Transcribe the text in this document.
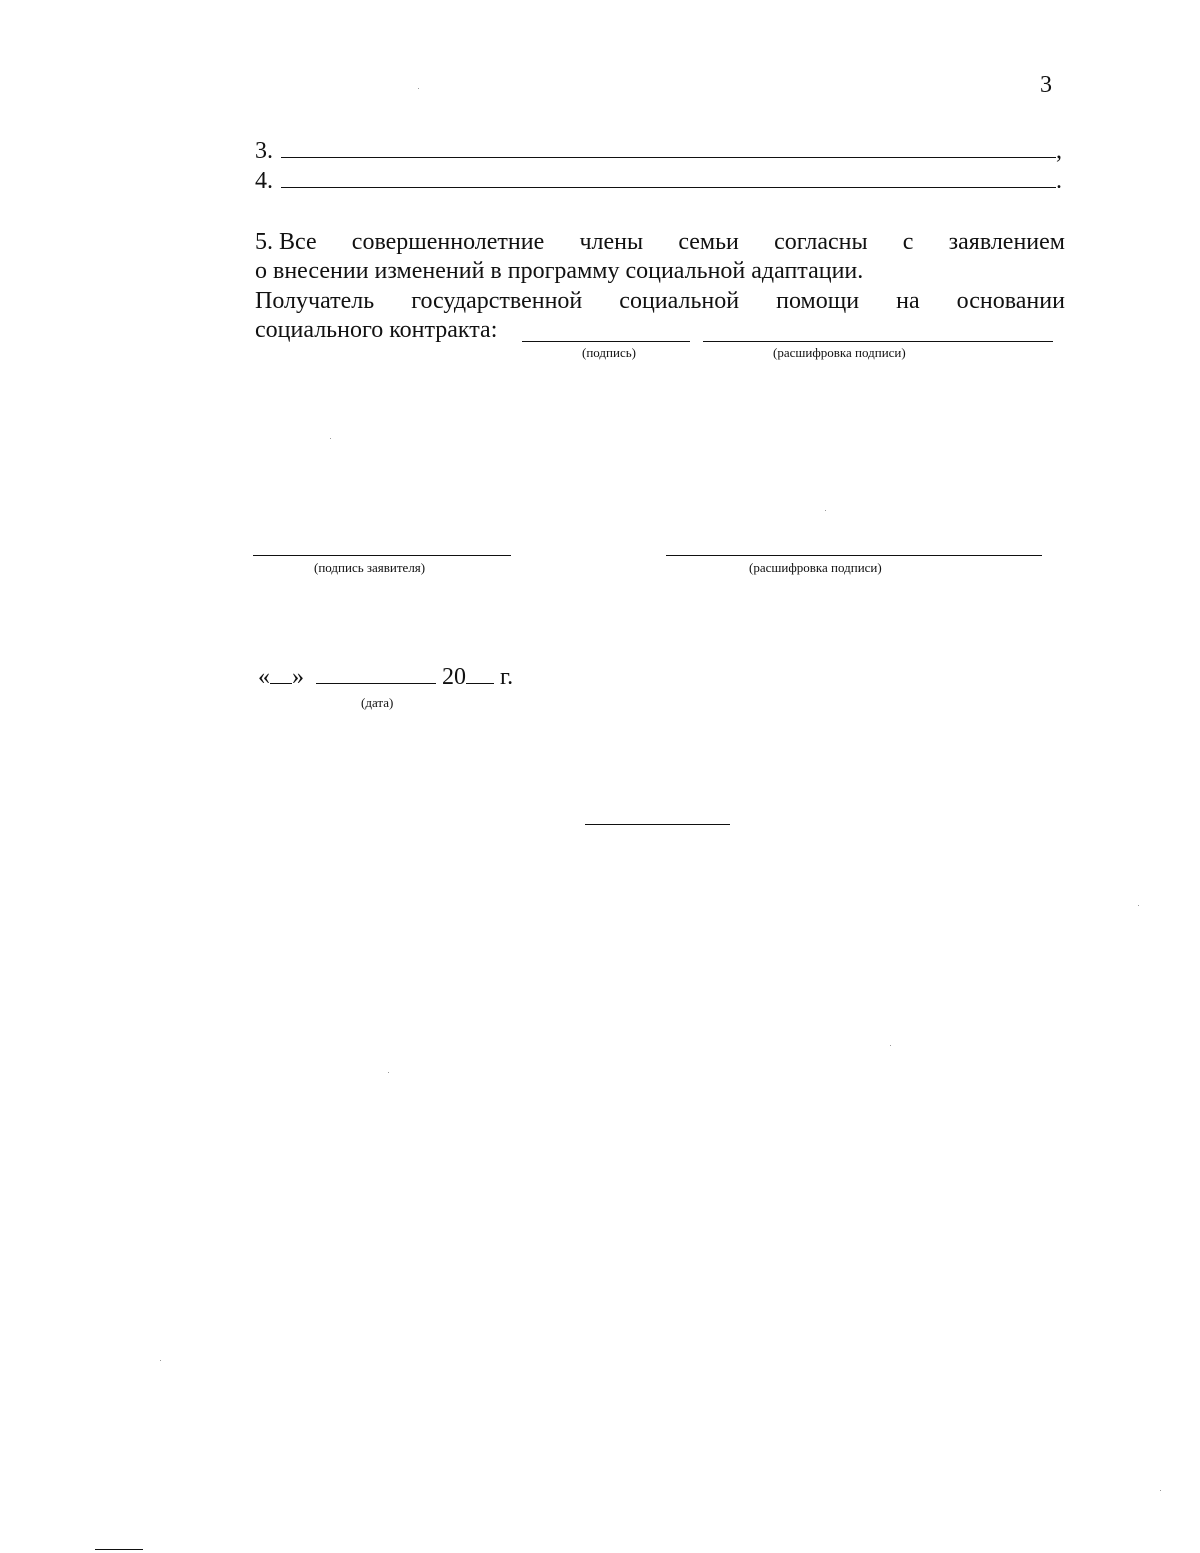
3
3.	,
4.	.
5. Все совершеннолетние члены семьи согласны с заявлением
о внесении изменений в программу социальной адаптации.
Получатель государственной социальной помощи на основании
социального контракта:
(подпись)	(расшифровка подписи)
(подпись заявителя)	(расшифровка подписи)
« »	20 г.
(дата)
